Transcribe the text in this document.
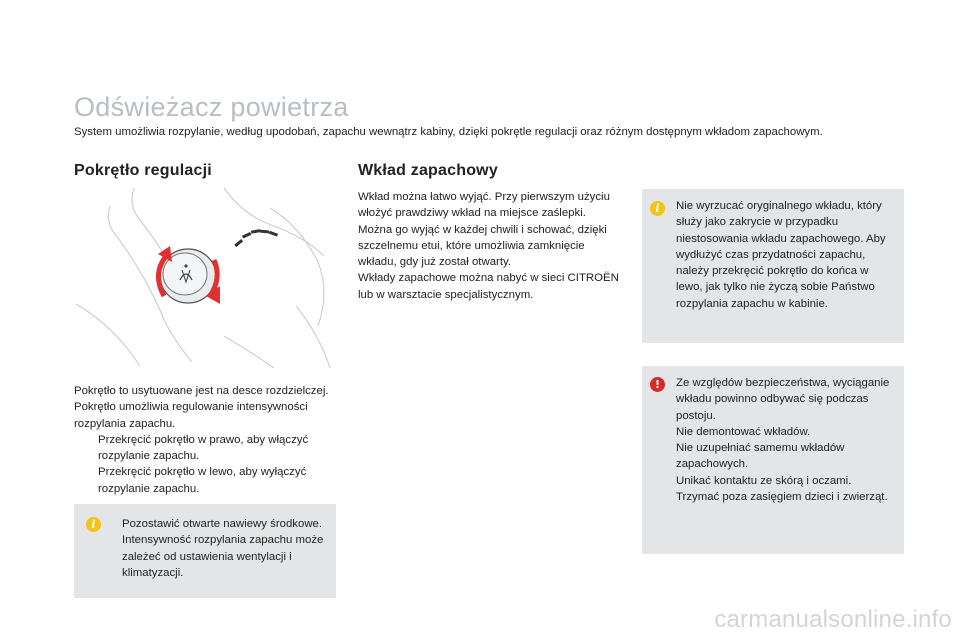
Odświeżacz powietrza

System umożliwia rozpylanie, według upodobań, zapachu wewnątrz kabiny, dzięki pokrętle regulacji oraz różnym dostępnym wkładom zapachowym.

Pokrętło regulacji	Wkład zapachowy
Pokrętło to usytuowane jest na desce rozdzielczej.
Pokrętło umożliwia regulowanie intensywności rozpylania zapachu.
Przekręcić pokrętło w prawo, aby włączyć rozpylanie zapachu.
Przekręcić pokrętło w lewo, aby wyłączyć rozpylanie zapachu.
i	Pozostawić otwarte nawiewy środkowe. Intensywność rozpylania zapachu może zależeć od ustawienia wentylacji i klimatyzacji.
Wkład można łatwo wyjąć. Przy pierwszym użyciu włożyć prawdziwy wkład na miejsce zaślepki.
Można go wyjąć w każdej chwili i schować, dzięki szczelnemu etui, które umożliwia zamknięcie wkładu, gdy już został otwarty.
Wkłady zapachowe można nabyć w sieci CITROËN lub w warsztacie specjalistycznym.
i	Nie wyrzucać oryginalnego wkładu, który służy jako zakrycie w przypadku niestosowania wkładu zapachowego. Aby wydłużyć czas przydatności zapachu, należy przekręcić pokrętło do końca w lewo, jak tylko nie życzą sobie Państwo rozpylania zapachu w kabinie.
!	Ze względów bezpieczeństwa, wyciąganie wkładu powinno odbywać się podczas postoju.
Nie demontować wkładów.
Nie uzupełniać samemu wkładów zapachowych.
Unikać kontaktu ze skórą i oczami.
Trzymać poza zasięgiem dzieci i zwierząt.
carmanualsonline.info
